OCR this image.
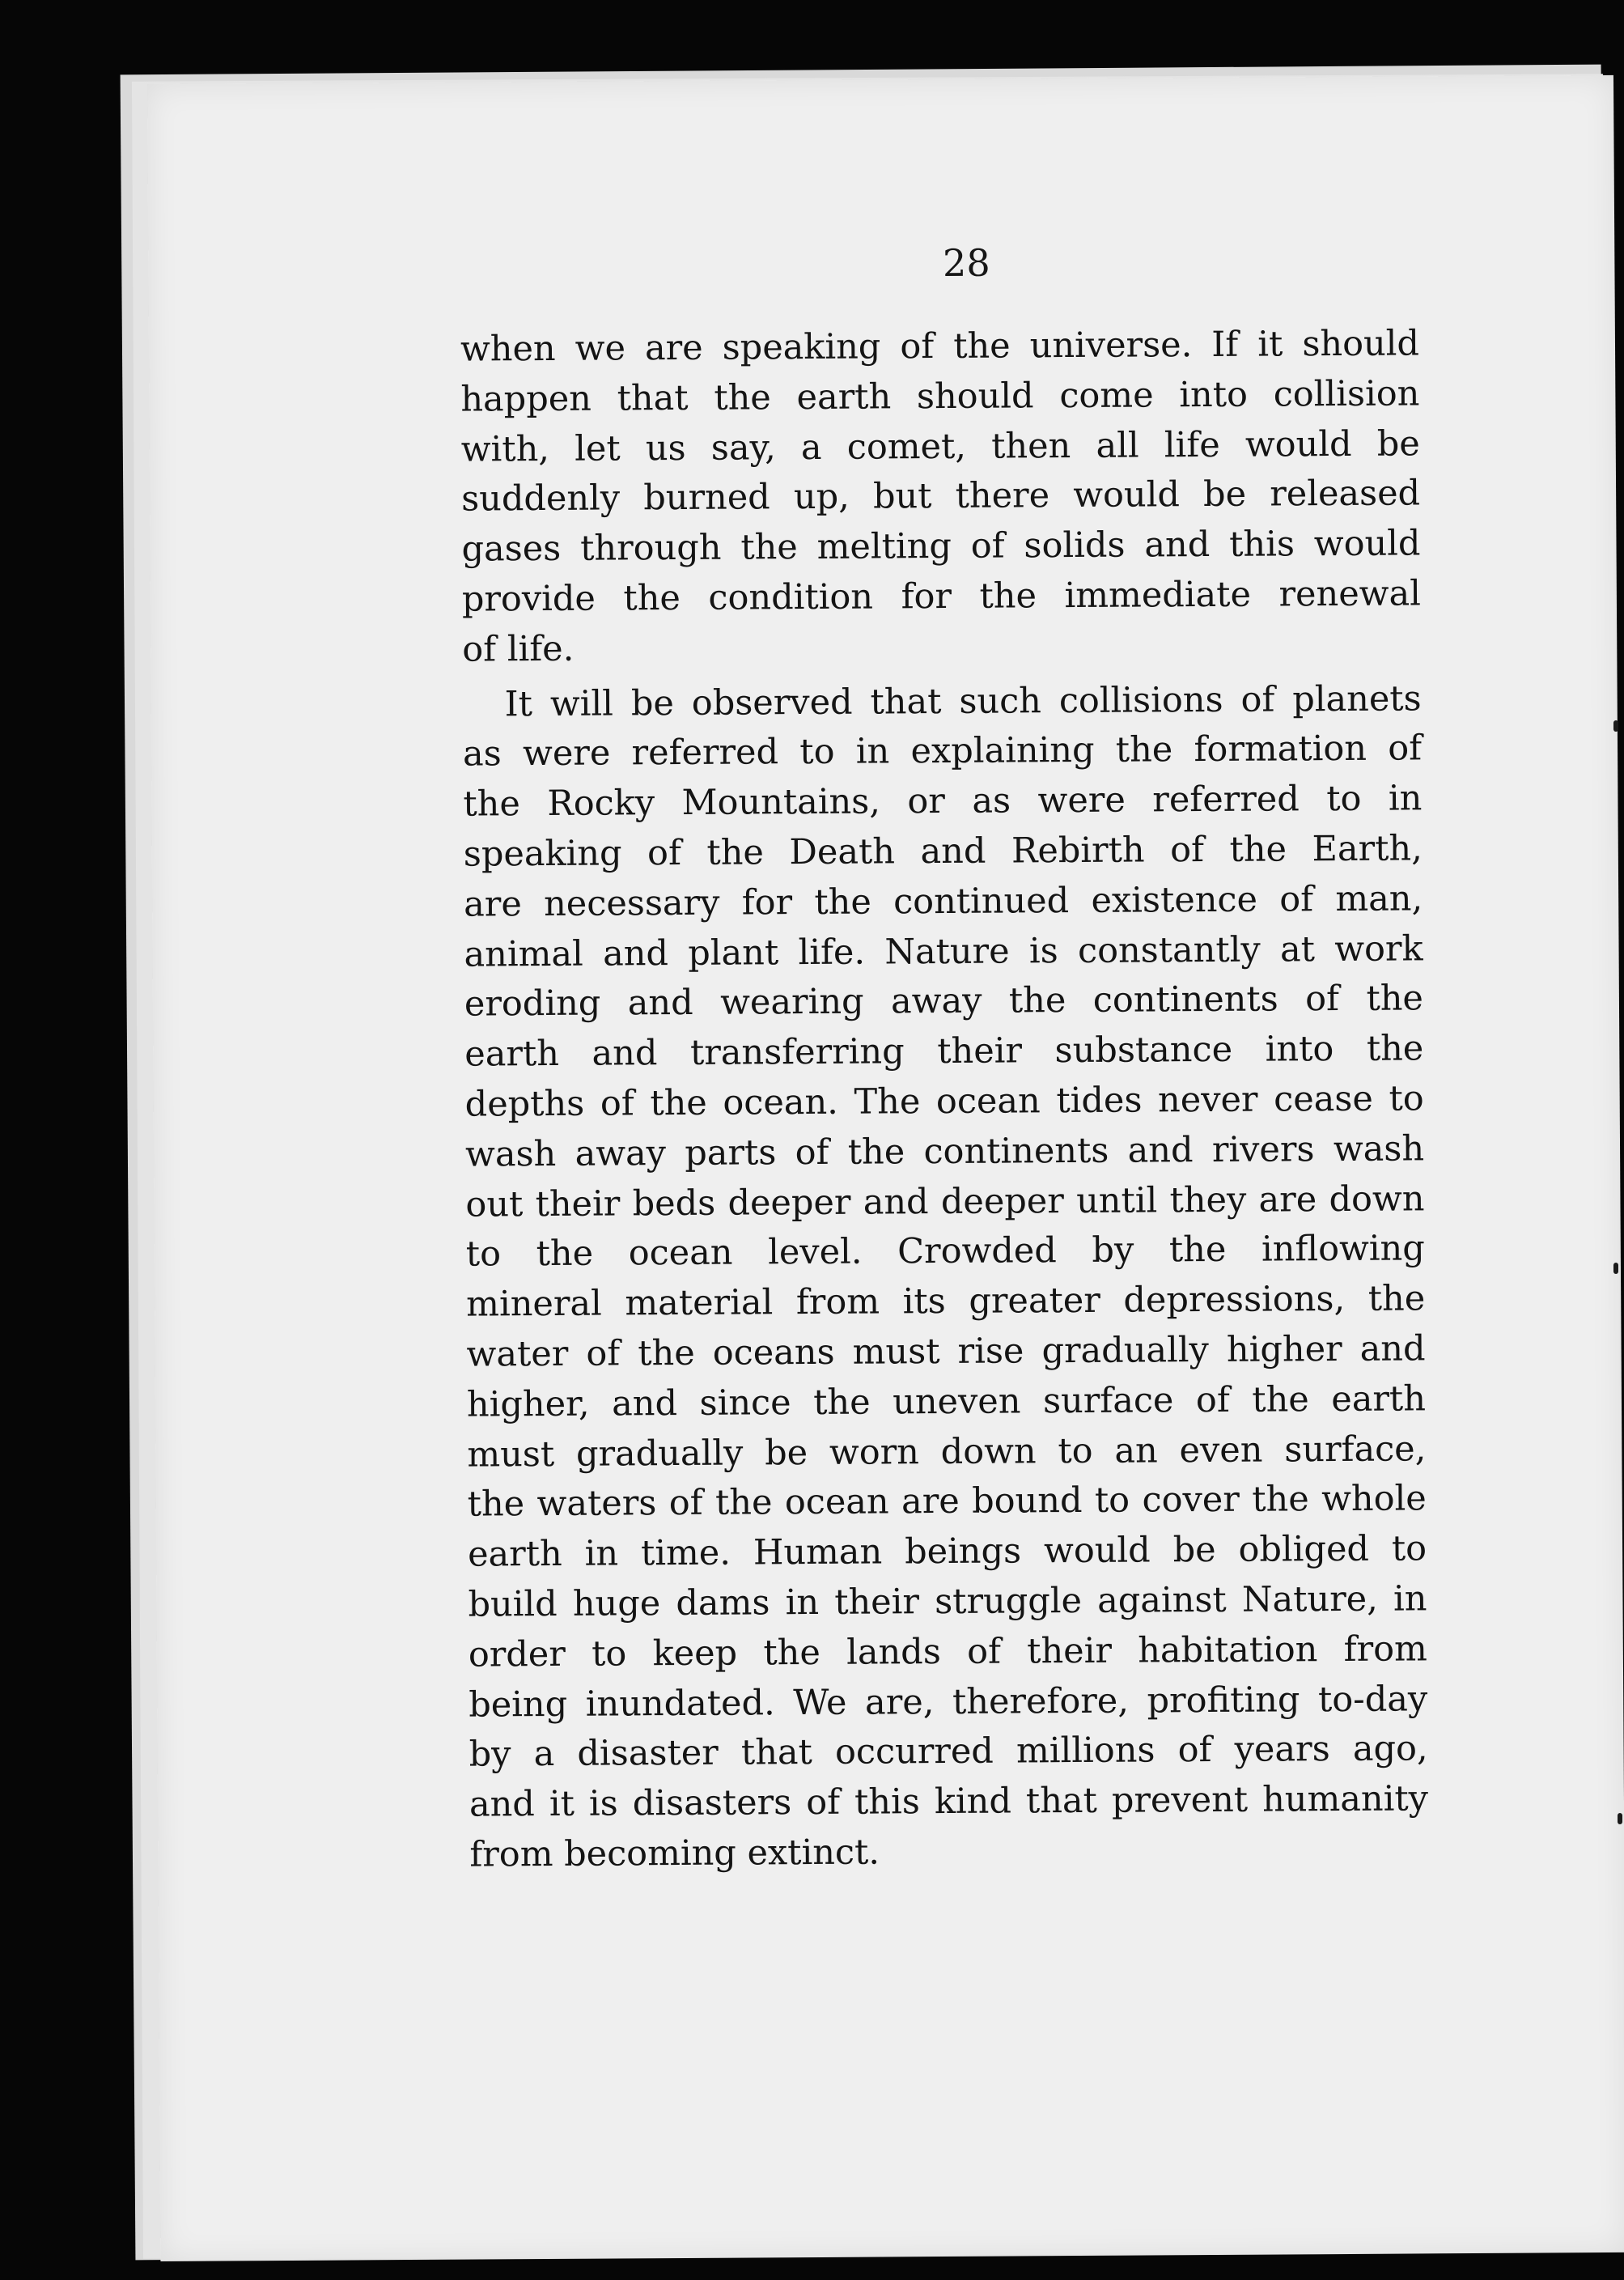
28

when we are speaking of the universe. If it should
happen that the earth should come into collision
with, let us say, a comet, then all life would be
suddenly burned up, but there would be released
gases through the melting of solids and this would
provide the condition for the immediate renewal
of life.

It will be observed that such collisions of planets
as were referred to in explaining the formation of
the Rocky Mountains, or as were referred to in
speaking of the Death and Rebirth of the Earth,
are necessary for the continued existence of man,
animal and plant life. Nature is constantly at work
eroding and wearing away the continents of the
earth and transferring their substance into the
depths of the ocean. The ocean tides never cease to
wash away parts of the continents and rivers wash
out their beds deeper and deeper until they are down
to the ocean level. Crowded by the inflowing
mineral material from its greater depressions, the
water of the oceans must rise gradually higher and
higher, and since the uneven surface of the earth
must gradually be worn down to an even surface,
the waters of the ocean are bound to cover the whole
earth in time. Human beings would be obliged to
build huge dams in their struggle against Nature, in
order to keep the lands of their habitation from
being inundated. We are, therefore, profiting to-day
by a disaster that occurred millions of years ago,
and it is disasters of this kind that prevent humanity
from becoming extinct.
